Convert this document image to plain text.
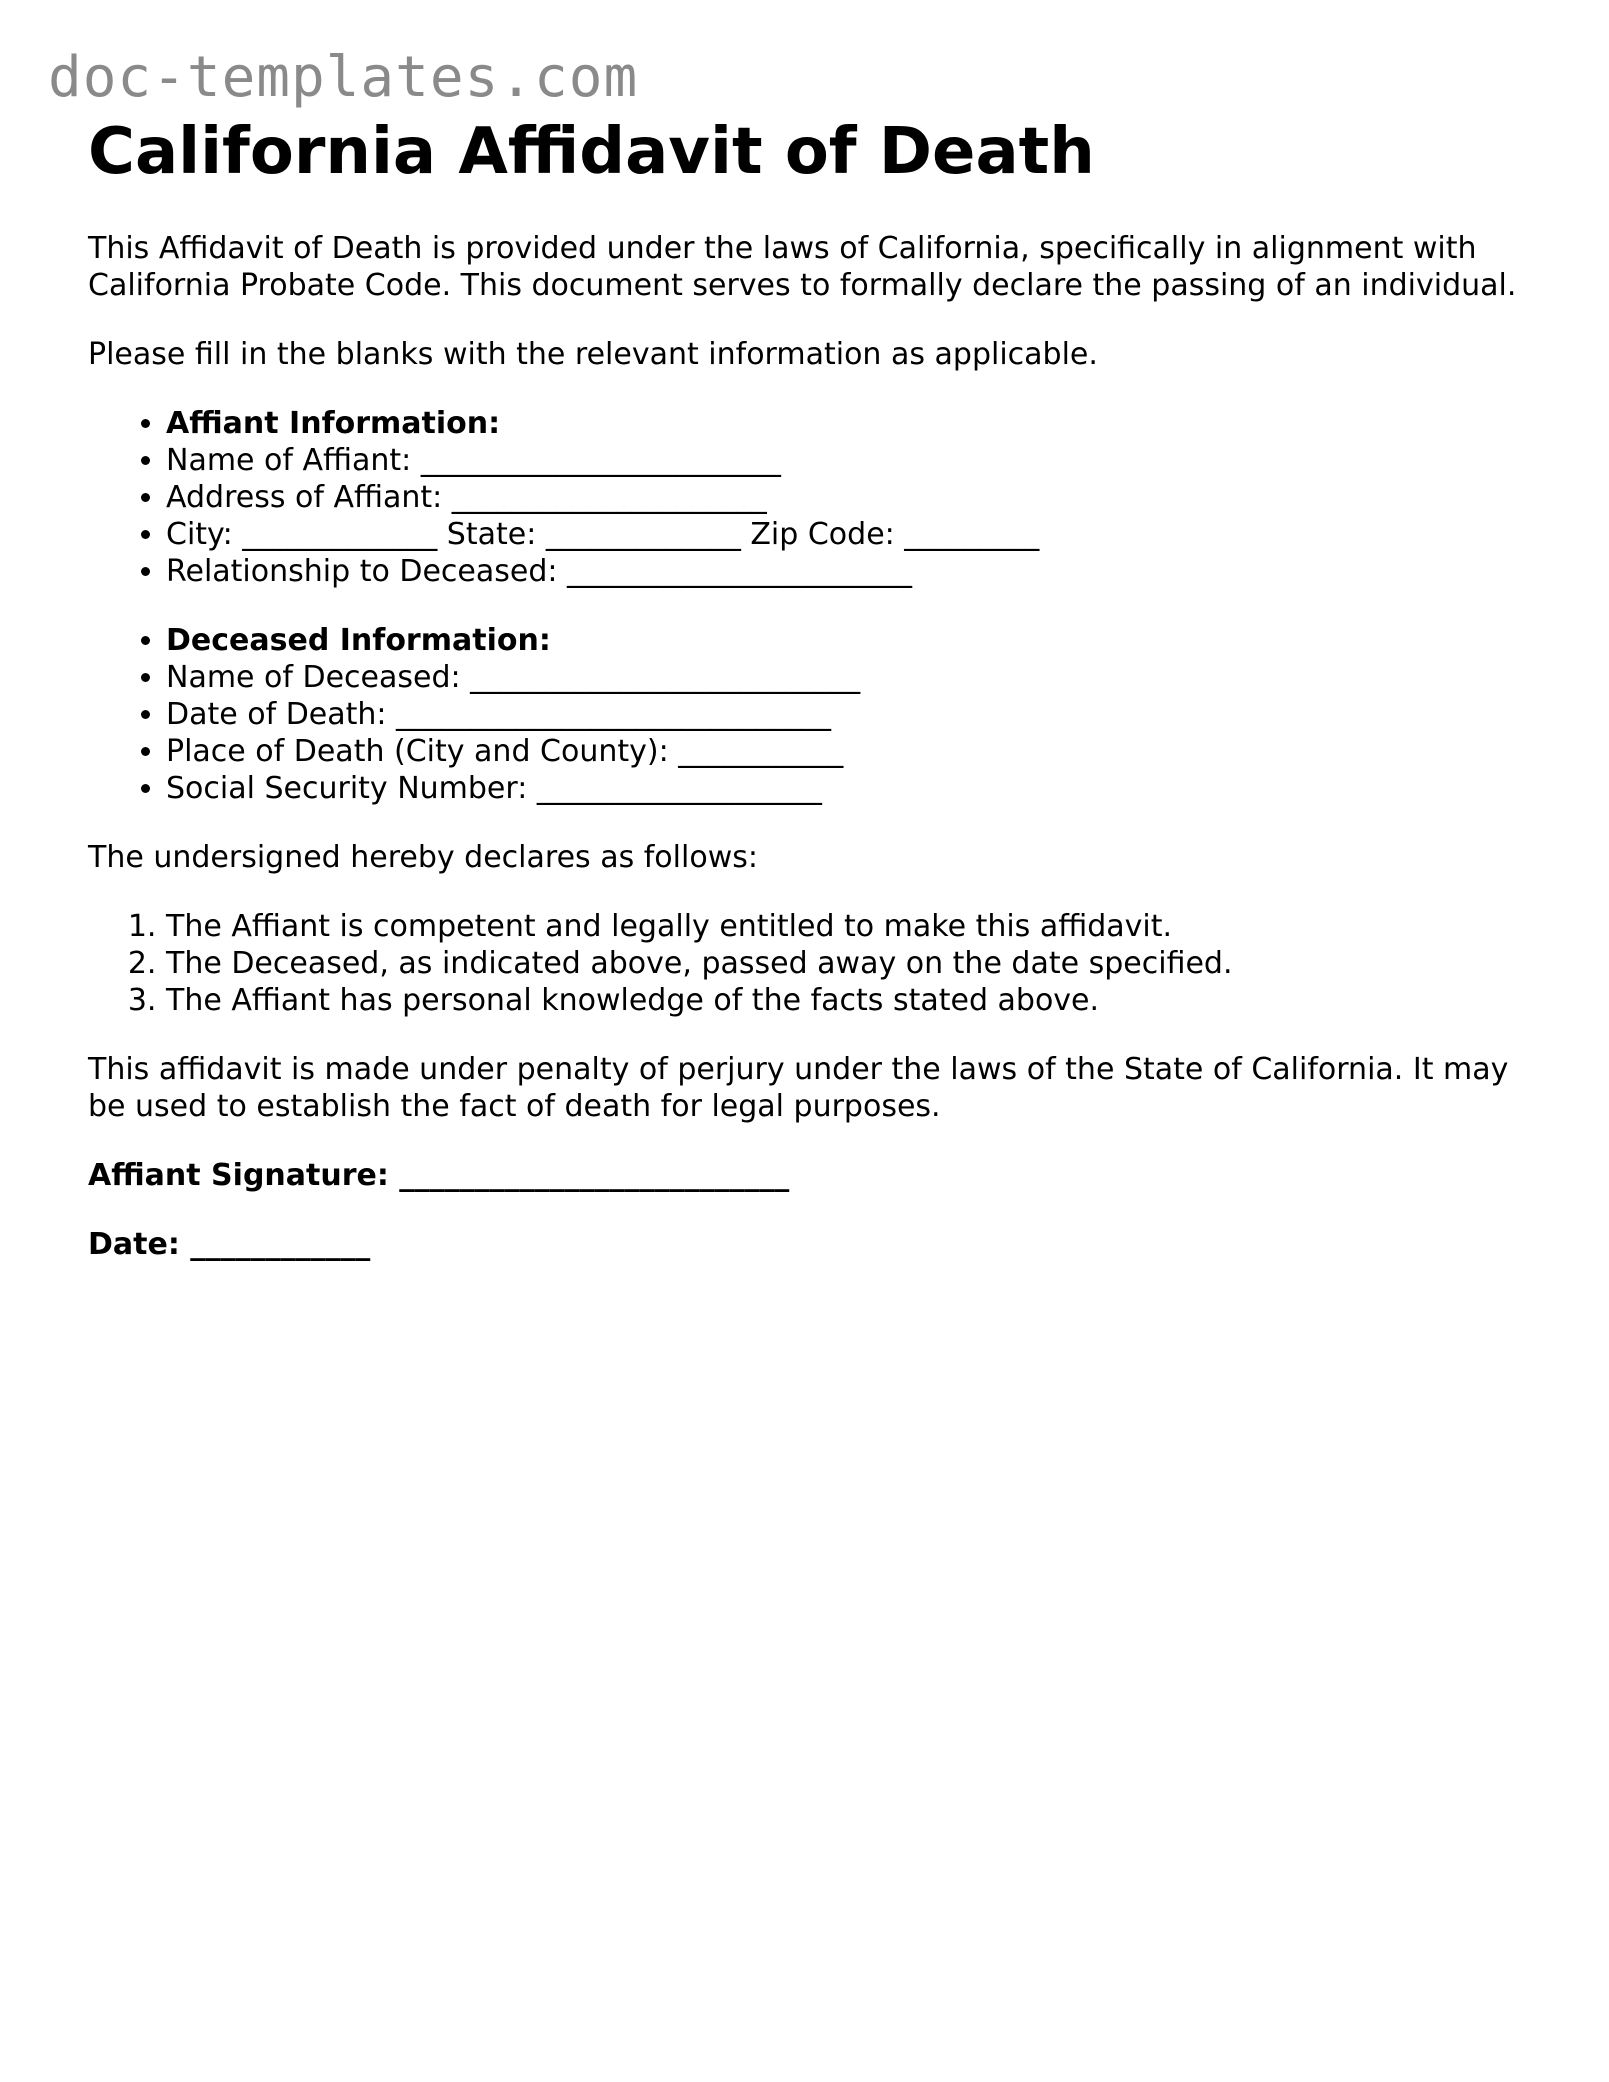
doc-templates.com
California Affidavit of Death

This Affidavit of Death is provided under the laws of California, specifically in alignment with California Probate Code. This document serves to formally declare the passing of an individual.

Please fill in the blanks with the relevant information as applicable.

• Affiant Information:
• Name of Affiant: ________________________
• Address of Affiant: _____________________
• City: _____________ State: _____________ Zip Code: _________
• Relationship to Deceased: _______________________
• Deceased Information:
• Name of Deceased: __________________________
• Date of Death: _____________________________
• Place of Death (City and County): ___________
• Social Security Number: ___________________

The undersigned hereby declares as follows:

1. The Affiant is competent and legally entitled to make this affidavit.
2. The Deceased, as indicated above, passed away on the date specified.
3. The Affiant has personal knowledge of the facts stated above.

This affidavit is made under penalty of perjury under the laws of the State of California. It may be used to establish the fact of death for legal purposes.

Affiant Signature: __________________________

Date: ____________
